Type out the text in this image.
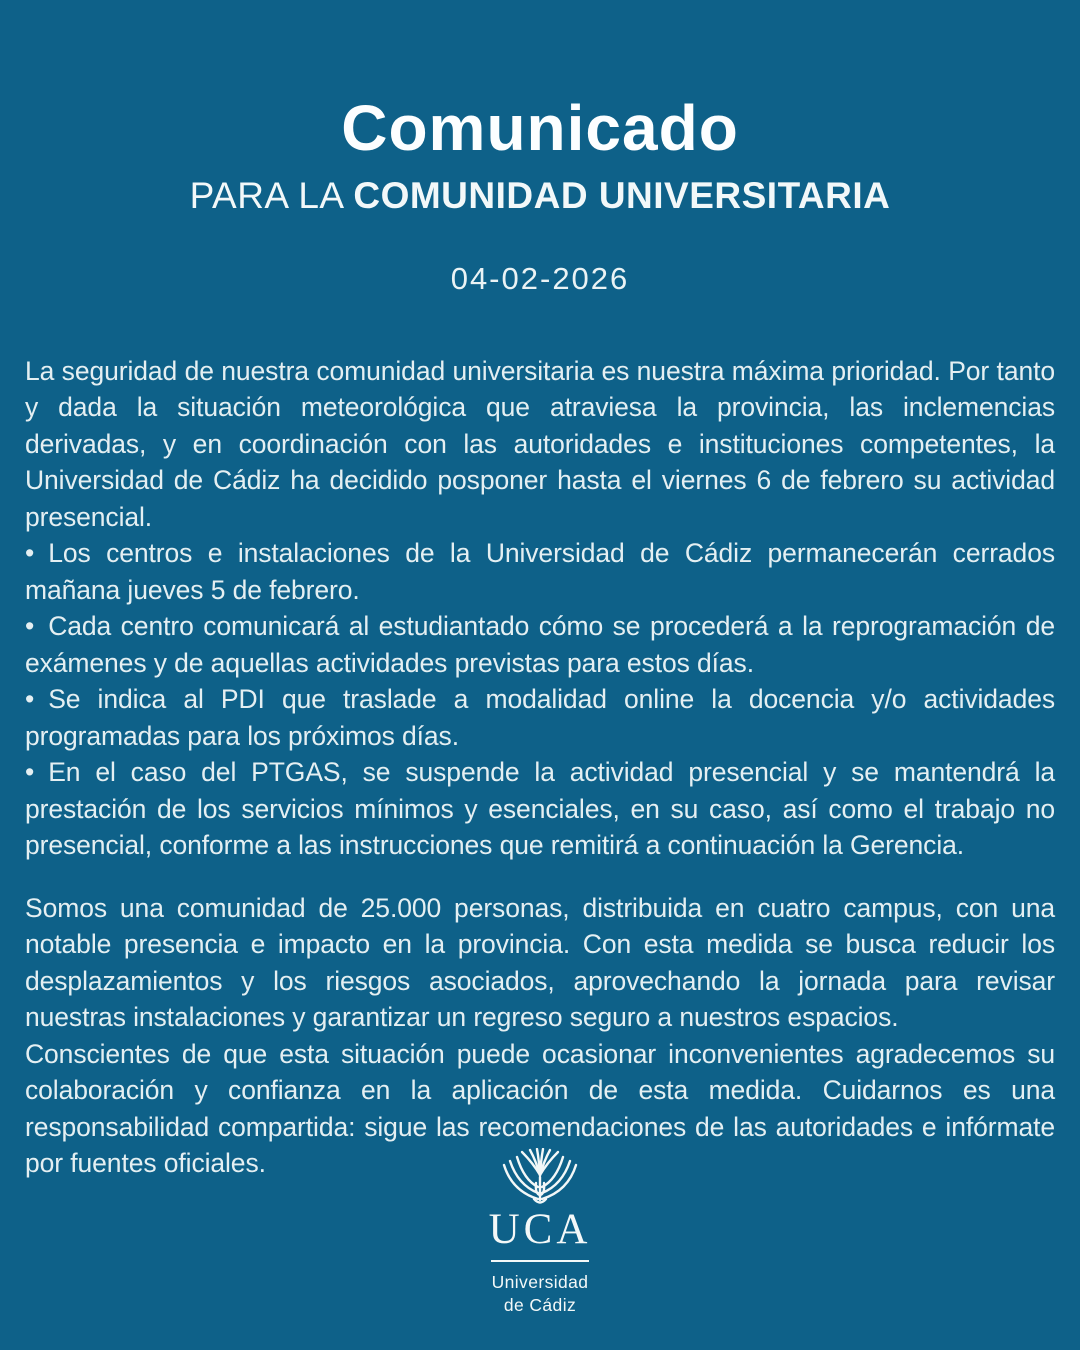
Comunicado
PARA LA COMUNIDAD UNIVERSITARIA
04-02-2026

La seguridad de nuestra comunidad universitaria es nuestra máxima prioridad. Por tanto y dada la situación meteorológica que atraviesa la provincia, las inclemencias derivadas, y en coordinación con las autoridades e instituciones competentes, la Universidad de Cádiz ha decidido posponer hasta el viernes 6 de febrero su actividad presencial.

• Los centros e instalaciones de la Universidad de Cádiz permanecerán cerrados mañana jueves 5 de febrero.

• Cada centro comunicará al estudiantado cómo se procederá a la reprogramación de exámenes y de aquellas actividades previstas para estos días.

• Se indica al PDI que traslade a modalidad online la docencia y/o actividades programadas para los próximos días.

• En el caso del PTGAS, se suspende la actividad presencial y se mantendrá la prestación de los servicios mínimos y esenciales, en su caso, así como el trabajo no presencial, conforme a las instrucciones que remitirá a continuación la Gerencia.

Somos una comunidad de 25.000 personas, distribuida en cuatro campus, con una notable presencia e impacto en la provincia. Con esta medida se busca reducir los desplazamientos y los riesgos asociados, aprovechando la jornada para revisar nuestras instalaciones y garantizar un regreso seguro a nuestros espacios.

Conscientes de que esta situación puede ocasionar inconvenientes agradecemos su colaboración y confianza en la aplicación de esta medida. Cuidarnos es una responsabilidad compartida: sigue las recomendaciones de las autoridades e infórmate por fuentes oficiales.

UCA
Universidad
de Cádiz
